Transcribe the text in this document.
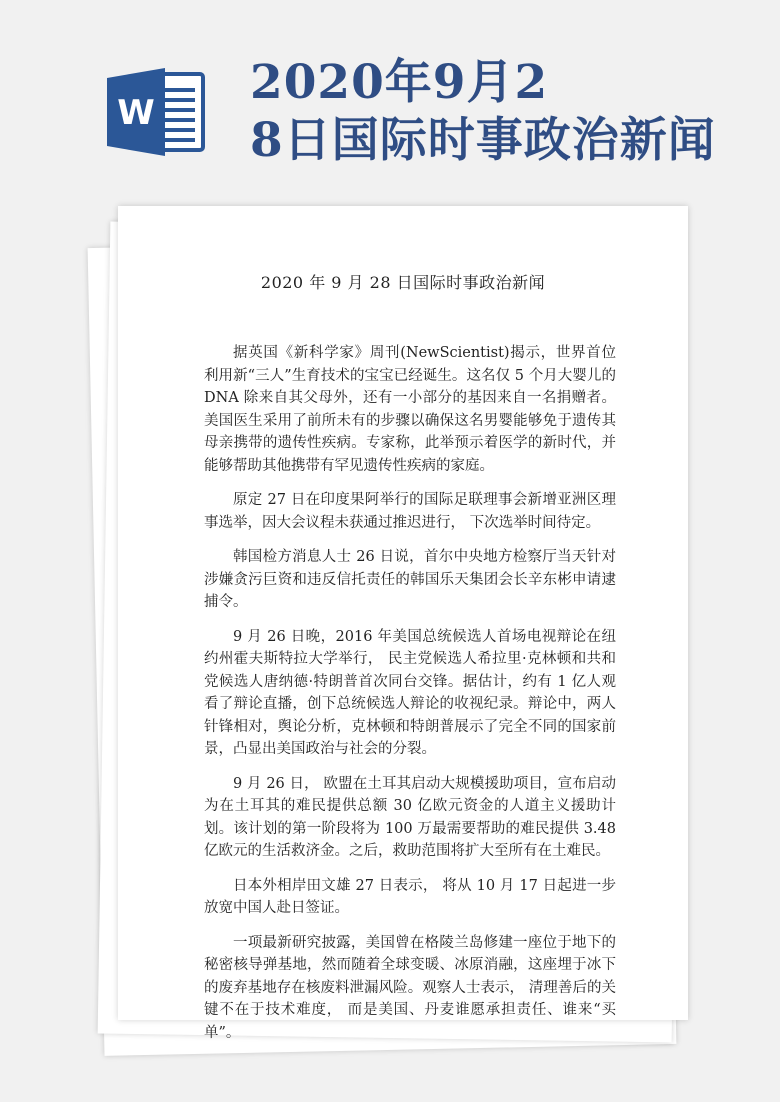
W
2020年9月2
8日国际时事政治新闻
2020 年 9 月 28 日国际时事政治新闻

据英国《新科学家》周刊(NewScientist)揭示，世界首位利用新“三人”生育技术的宝宝已经诞生。这名仅 5 个月大婴儿的 DNA 除来自其父母外，还有一小部分的基因来自一名捐赠者。美国医生采用了前所未有的步骤以确保这名男婴能够免于遗传其母亲携带的遗传性疾病。专家称，此举预示着医学的新时代，并能够帮助其他携带有罕见遗传性疾病的家庭。

原定 27 日在印度果阿举行的国际足联理事会新增亚洲区理事选举，因大会议程未获通过推迟进行， 下次选举时间待定。

韩国检方消息人士 26 日说，首尔中央地方检察厅当天针对涉嫌贪污巨资和违反信托责任的韩国乐天集团会长辛东彬申请逮捕令。

9 月 26 日晚，2016 年美国总统候选人首场电视辩论在纽约州霍夫斯特拉大学举行， 民主党候选人希拉里·克林顿和共和党候选人唐纳德·特朗普首次同台交锋。据估计，约有 1 亿人观看了辩论直播，创下总统候选人辩论的收视纪录。辩论中，两人针锋相对，舆论分析，克林顿和特朗普展示了完全不同的国家前景，凸显出美国政治与社会的分裂。

9 月 26 日， 欧盟在土耳其启动大规模援助项目，宣布启动为在土耳其的难民提供总额 30 亿欧元资金的人道主义援助计划。该计划的第一阶段将为 100 万最需要帮助的难民提供 3.48 亿欧元的生活救济金。之后，救助范围将扩大至所有在土难民。

日本外相岸田文雄 27 日表示， 将从 10 月 17 日起进一步放宽中国人赴日签证。

一项最新研究披露，美国曾在格陵兰岛修建一座位于地下的秘密核导弹基地，然而随着全球变暖、冰原消融，这座埋于冰下的废弃基地存在核废料泄漏风险。观察人士表示， 清理善后的关键不在于技术难度， 而是美国、丹麦谁愿承担责任、谁来“买单”。
